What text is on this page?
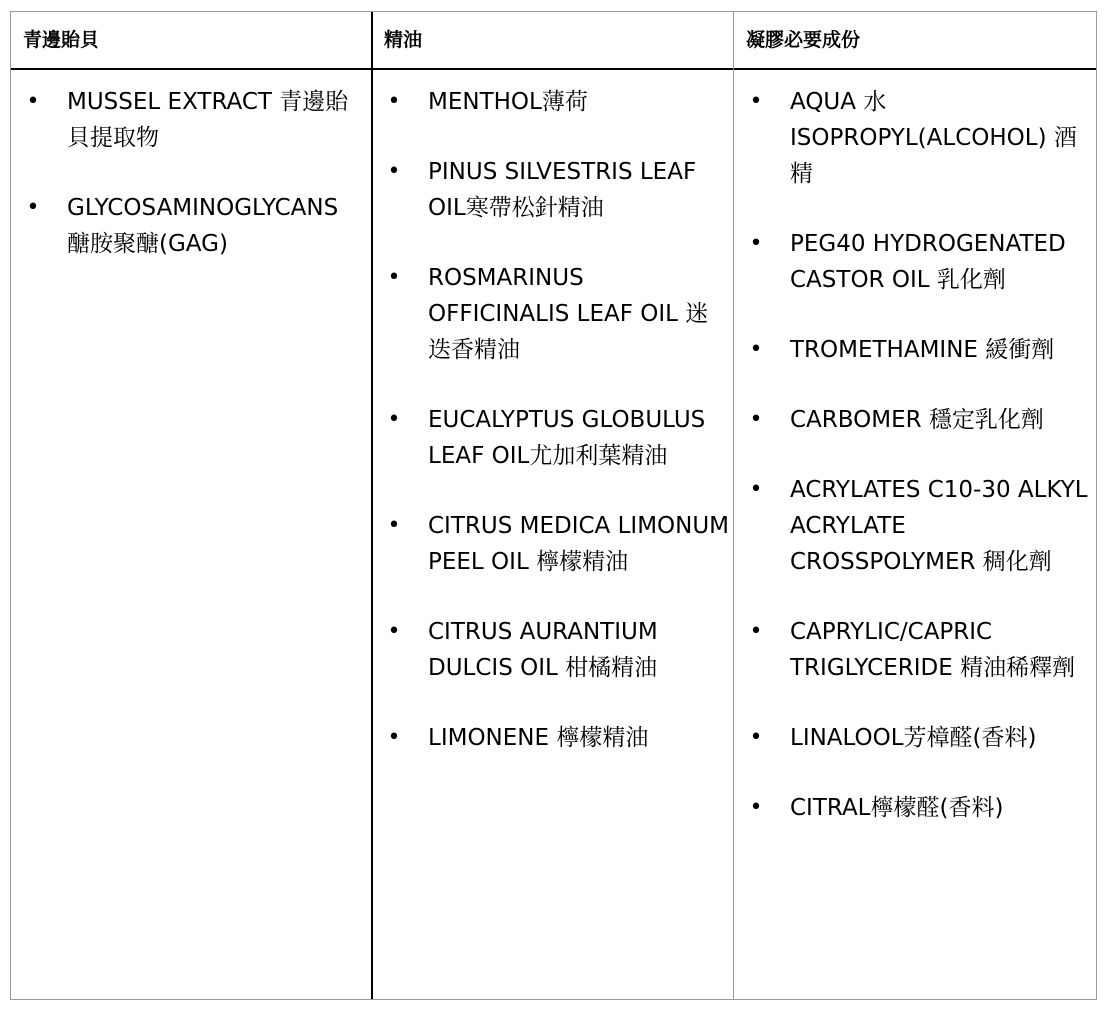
青邊貽貝	精油	凝膠必要成份
• MUSSEL EXTRACT 青邊貽貝提取物
• GLYCOSAMINOGLYCANS 醣胺聚醣(GAG)
• MENTHOL薄荷
• PINUS SILVESTRIS LEAF OIL寒帶松針精油
• ROSMARINUS OFFICINALIS LEAF OIL 迷迭香精油
• EUCALYPTUS GLOBULUS LEAF OIL尤加利葉精油
• CITRUS MEDICA LIMONUM PEEL OIL 檸檬精油
• CITRUS AURANTIUM DULCIS OIL 柑橘精油
• LIMONENE 檸檬精油
• AQUA 水 ISOPROPYL(ALCOHOL) 酒精
• PEG40 HYDROGENATED CASTOR OIL 乳化劑
• TROMETHAMINE 緩衝劑
• CARBOMER 穩定乳化劑
• ACRYLATES C10-30 ALKYL ACRYLATE CROSSPOLYMER 稠化劑
• CAPRYLIC/CAPRIC TRIGLYCERIDE 精油稀釋劑
• LINALOOL芳樟醛(香料)
• CITRAL檸檬醛(香料)
